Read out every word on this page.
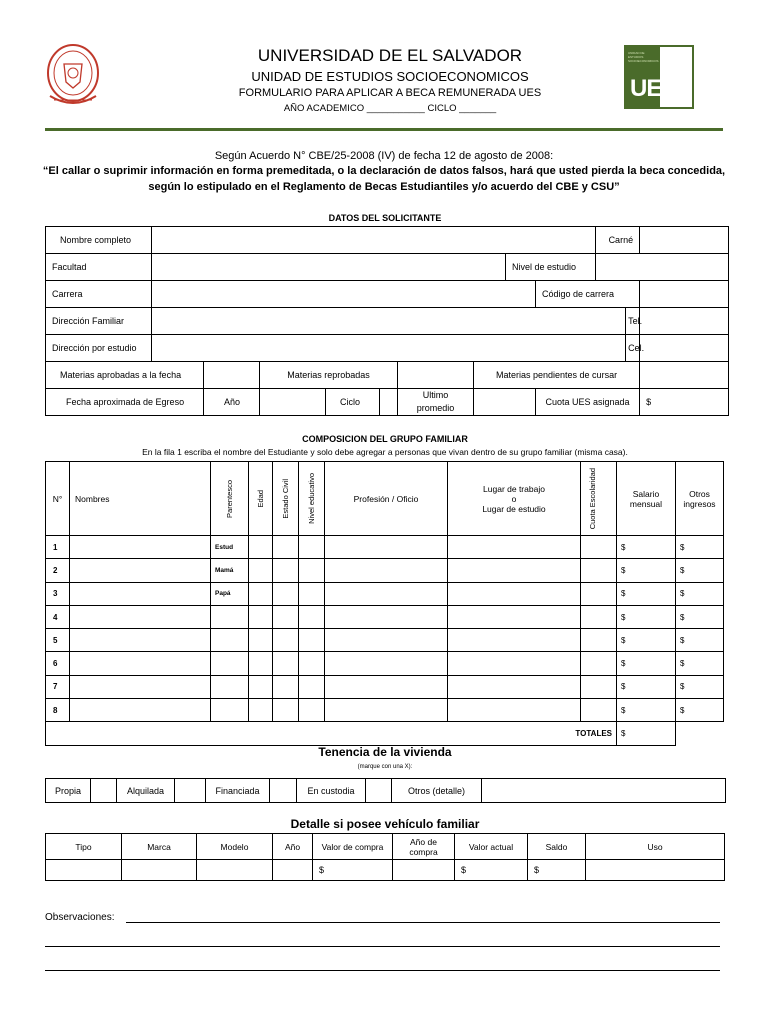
UNIVERSIDAD DE EL SALVADOR
UNIDAD DE ESTUDIOS SOCIOECONOMICOS
FORMULARIO PARA APLICAR A BECA REMUNERADA UES
AÑO ACADEMICO ___________ CICLO _______
UNIDAD DE ESTUDIOS SOCIOECONOMICOS
UES
Según Acuerdo N° CBE/25-2008 (IV) de fecha 12 de agosto de 2008:
“El callar o suprimir información en forma premeditada, o la declaración de datos falsos, hará que usted pierda la beca concedida,
según lo estipulado en el Reglamento de Becas Estudiantiles y/o acuerdo del CBE y CSU”
DATOS DEL SOLICITANTE
Nombre completo										Carné		
Facultad								Nivel de estudio				
Carrera									Código de carrera			
Dirección Familiar											Tel.	
Dirección por estudio											Cel.	
Materias aprobadas a la fecha			Materias reprobadas				Materias pendientes de cursar					
Fecha aproximada de Egreso		Año		Ciclo		Ultimo promedio			Cuota UES asignada			$
COMPOSICION DEL GRUPO FAMILIAR
En la fila 1 escriba el nombre del Estudiante y solo debe agregar a personas que vivan dentro de su grupo familiar (misma casa).
N°	Nombres	Parentesco	Edad	Estado Civil	Nivel educativo	Profesión / Oficio	Lugar de trabajo
o
Lugar de estudio	Cuota Escolaridad	Salario mensual	Otros ingresos
1		Estud							$	$
2		Mamá							$	$
3		Papá							$	$
4									$	$
5									$	$
6									$	$
7									$	$
8									$	$
TOTALES									$	
Tenencia de la vivienda
(marque con una X):
Propia		Alquilada		Financiada		En custodia		Otros (detalle)	
Detalle si posee vehículo familiar
Tipo	Marca	Modelo	Año	Valor de compra	Año de compra	Valor actual	Saldo	Uso
				$		$	$	
Observaciones:
